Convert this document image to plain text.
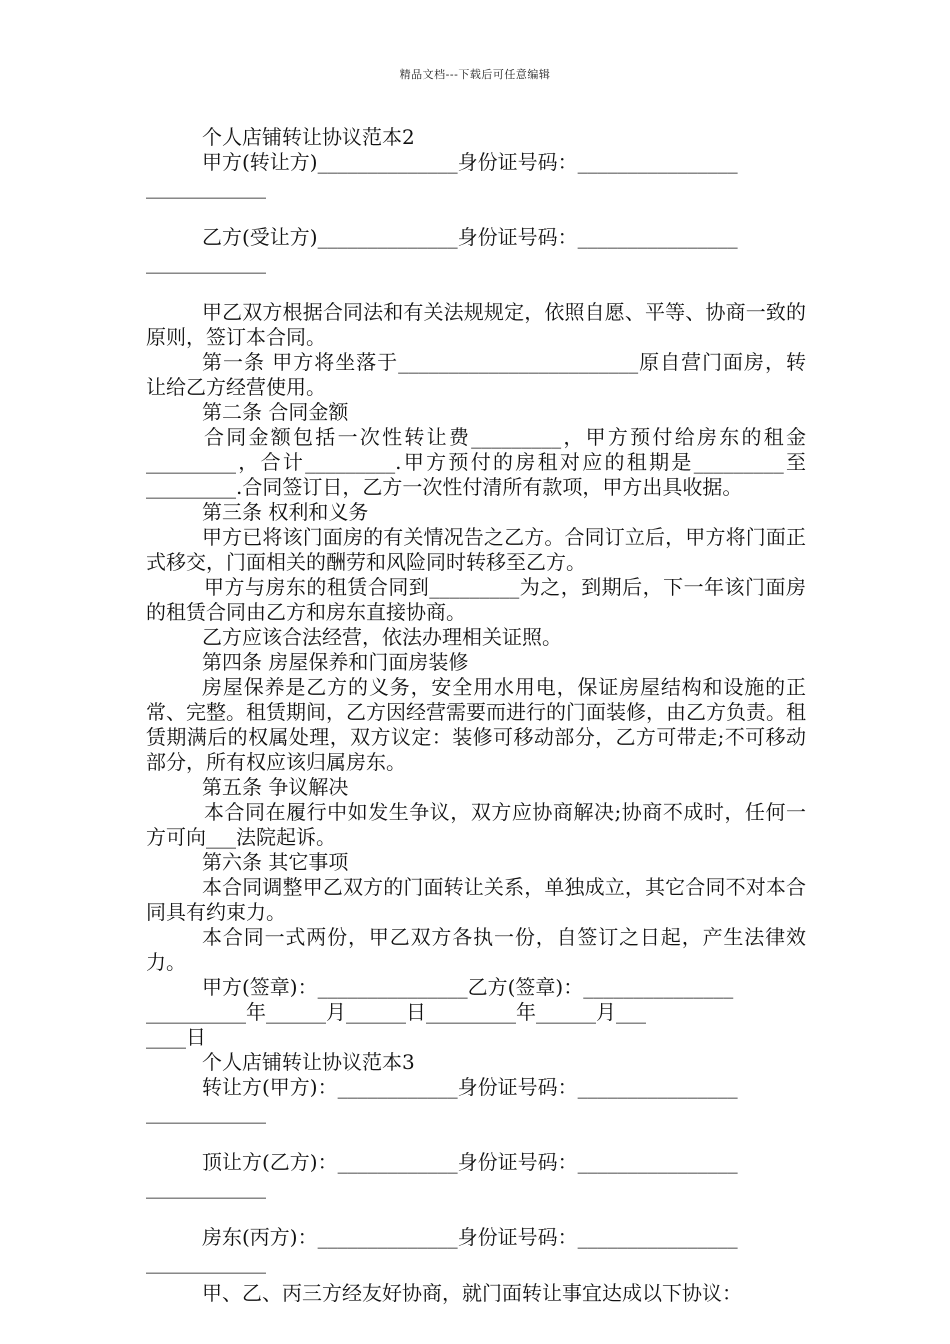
精品文档---下载后可任意编辑

个人店铺转让协议范本2

甲方(转让方)______________身份证号码：________________

____________

乙方(受让方)______________身份证号码：________________

____________

甲乙双方根据合同法和有关法规规定，依照自愿、平等、协商一致的原则，签订本合同。

第一条 甲方将坐落于________________________原自营门面房，转让给乙方经营使用。

第二条 合同金额

合同金额包括一次性转让费_________，甲方预付给房东的租金_________，合计_________.甲方预付的房租对应的租期是_________至_________.合同签订日，乙方一次性付清所有款项，甲方出具收据。

第三条 权利和义务

甲方已将该门面房的有关情况告之乙方。合同订立后，甲方将门面正式移交，门面相关的酬劳和风险同时转移至乙方。

甲方与房东的租赁合同到_________为之，到期后，下一年该门面房的租赁合同由乙方和房东直接协商。

乙方应该合法经营，依法办理相关证照。

第四条 房屋保养和门面房装修

房屋保养是乙方的义务，安全用水用电，保证房屋结构和设施的正常、完整。租赁期间，乙方因经营需要而进行的门面装修，由乙方负责。租赁期满后的权属处理，双方议定：装修可移动部分，乙方可带走;不可移动部分，所有权应该归属房东。

第五条 争议解决

本合同在履行中如发生争议，双方应协商解决;协商不成时，任何一方可向___法院起诉。

第六条 其它事项

本合同调整甲乙双方的门面转让关系，单独成立，其它合同不对本合同具有约束力。

本合同一式两份，甲乙双方各执一份，自签订之日起，产生法律效力。

甲方(签章)：_______________乙方(签章)：_______________

__________年______月______日_________年______月___

____日

个人店铺转让协议范本3

转让方(甲方)：____________身份证号码：________________

____________

顶让方(乙方)：____________身份证号码：________________

____________

房东(丙方)：______________身份证号码：________________

____________

甲、乙、丙三方经友好协商，就门面转让事宜达成以下协议：
